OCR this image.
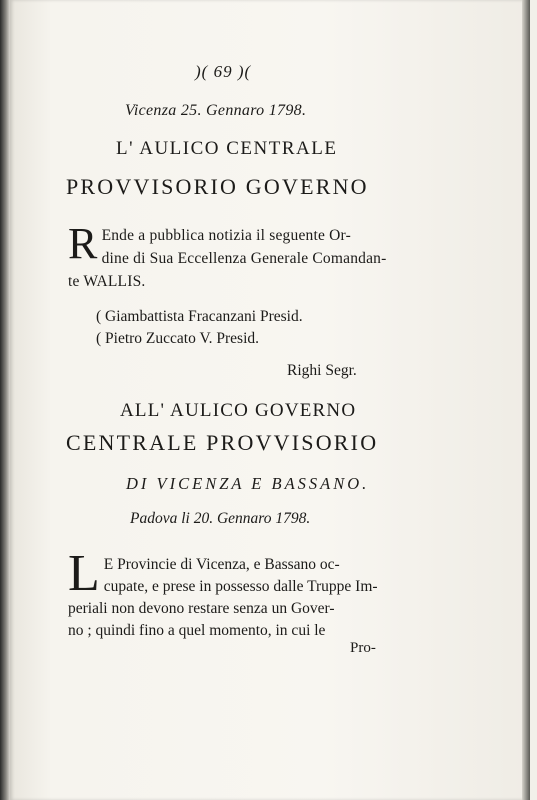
)( 69 )(
Vicenza 25. Gennaro 1798.
L' AULICO CENTRALE
PROVVISORIO GOVERNO
R Ende a pubblica notizia il seguente Or-
dine di Sua Eccellenza Generale Comandan-
te WALLIS.
( Giambattista Fracanzani Presid.
( Pietro Zuccato V. Presid.
Righi Segr.
ALL' AULICO GOVERNO
CENTRALE PROVVISORIO
DI VICENZA E BASSANO.
Padova li 20. Gennaro 1798.
L E Provincie di Vicenza, e Bassano oc-
cupate, e prese in possesso dalle Truppe Im-
periali non devono restare senza un Gover-
no ; quindi fino a quel momento, in cui le
Pro-
